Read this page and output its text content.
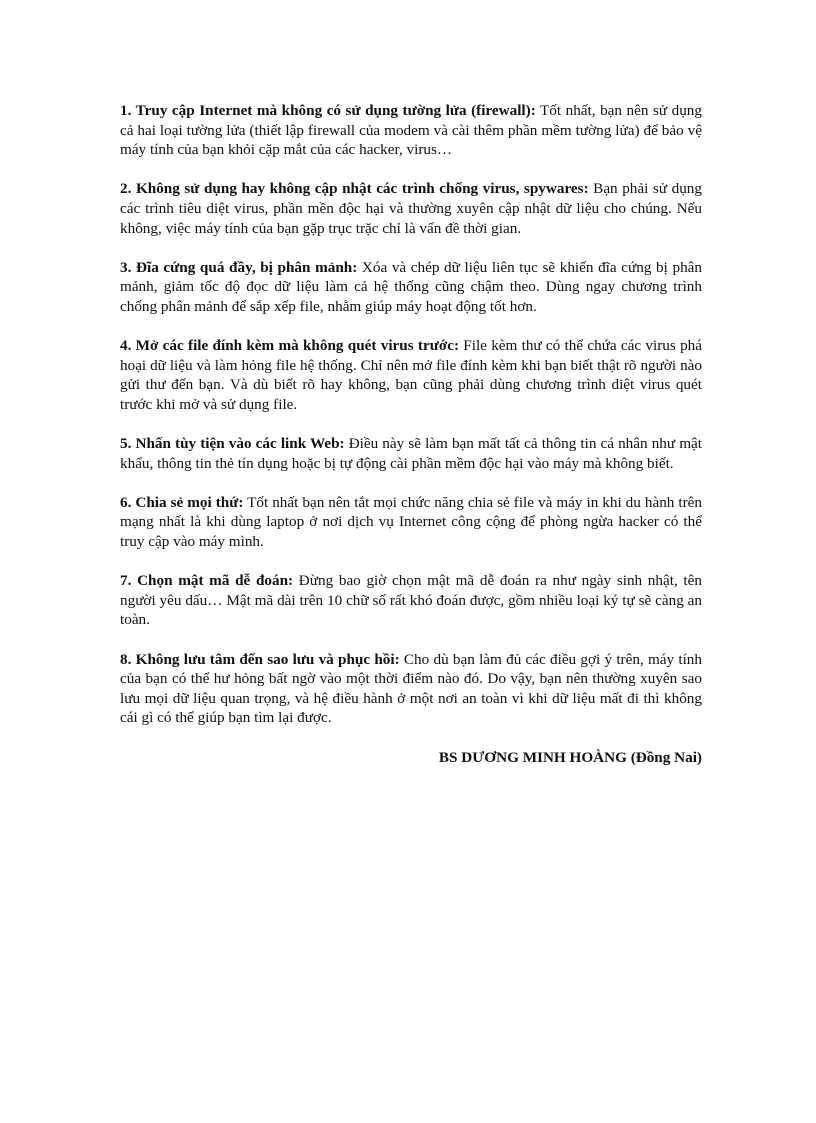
1. Truy cập Internet mà không có sử dụng tường lửa (firewall): Tốt nhất, bạn nên sử dụng cả hai loại tường lửa (thiết lập firewall của modem và cài thêm phần mềm tường lửa) để bảo vệ máy tính của bạn khỏi cặp mắt của các hacker, virus…

2. Không sử dụng hay không cập nhật các trình chống virus, spywares: Bạn phải sử dụng các trình tiêu diệt virus, phần mền độc hại và thường xuyên cập nhật dữ liệu cho chúng. Nếu không, việc máy tính của bạn gặp trục trặc chỉ là vấn đề thời gian.

3. Đĩa cứng quá đầy, bị phân mảnh: Xóa và chép dữ liệu liên tục sẽ khiến đĩa cứng bị phân mảnh, giảm tốc độ đọc dữ liệu làm cả hệ thống cũng chậm theo. Dùng ngay chương trình chống phân mảnh để sắp xếp file, nhằm giúp máy hoạt động tốt hơn.

4. Mở các file đính kèm mà không quét virus trước: File kèm thư có thể chứa các virus phá hoại dữ liệu và làm hỏng file hệ thống. Chỉ nên mở file đính kèm khi bạn biết thật rõ người nào gửi thư đến bạn. Và dù biết rõ hay không, bạn cũng phải dùng chương trình diệt virus quét trước khi mở và sử dụng file.

5. Nhấn tùy tiện vào các link Web: Điều này sẽ làm bạn mất tất cả thông tin cá nhân như mật khẩu, thông tin thẻ tín dụng hoặc bị tự động cài phần mềm độc hại vào máy mà không biết.

6. Chia sẻ mọi thứ: Tốt nhất bạn nên tắt mọi chức năng chia sẻ file và máy in khi du hành trên mạng nhất là khi dùng laptop ở nơi dịch vụ Internet công cộng để phòng ngừa hacker có thể truy cập vào máy mình.

7. Chọn mật mã dễ đoán: Đừng bao giờ chọn mật mã dễ đoán ra như ngày sinh nhật, tên người yêu dấu… Mật mã dài trên 10 chữ số rất khó đoán được, gồm nhiều loại ký tự sẽ càng an toàn.

8. Không lưu tâm đến sao lưu và phục hồi: Cho dù bạn làm đủ các điều gợi ý trên, máy tính của bạn có thể hư hỏng bất ngờ vào một thời điểm nào đó. Do vậy, bạn nên thường xuyên sao lưu mọi dữ liệu quan trọng, và hệ điều hành ở một nơi an toàn vì khi dữ liệu mất đi thì không cái gì có thể giúp bạn tìm lại được.

BS DƯƠNG MINH HOÀNG (Đồng Nai)
